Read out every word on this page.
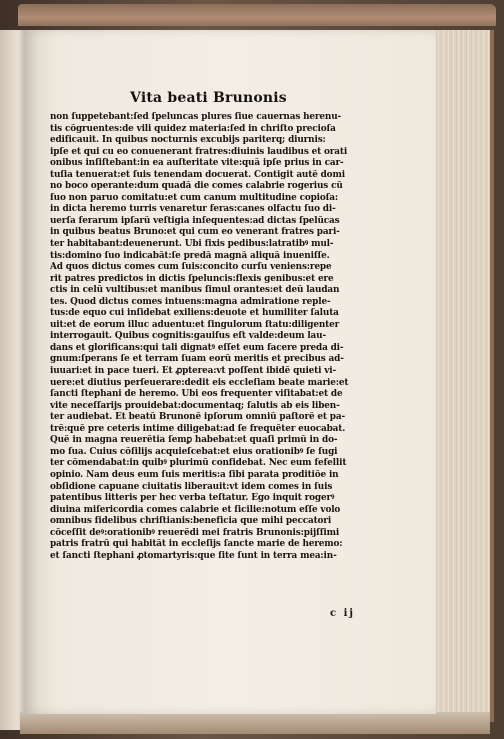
Vita beati Brunonis
non ſuppetebant:ſed ſpeluncas plures ſiue cauernas herenu-
tis cõgruentes:de vili quidez materia:ſed in chriſto precioſa
edificauit. In quibus nocturnis excubijs pariterq; diurnis:
ipſe et qui cu eo conuenerant fratres:diuinis laudibus et orati
onibus inſiſtebant:in ea auſteritate vite:quã ipſe prius in car-
tuſia tenuerat:et ſuis tenendam docuerat. Contigit autẽ domi
no boco operante:dum quadã die comes calabrie rogerius cũ
ſuo non paruo comitatu:et cum canum multitudine copioſa:
in dicta heremo turris venaretur feras:canes olfactu ſuo di-
uerſa ferarum ipſarũ veſtigia inſequentes:ad dictas ſpelũcas
in quibus beatus Bruno:et qui cum eo venerant fratres pari-
ter habitabant:deuenerunt. Ubi fixis pedibus:latratibꝰ mul-
tis:domino ſuo indicabãt:ſe predã magnã aliquã inueniſſe.
Ad quos dictus comes cum ſuis:concito curſu veniens:repe
rit patres predictos in dictis ſpeluncis:flexis genibus:et ere
ctis in celũ vultibus:et manibus ſimul orantes:et deũ laudan
tes. Quod dictus comes intuens:magna admiratione reple-
tus:de equo cui inſidebat exiliens:deuote et humiliter ſaluta
uit:et de eorum illuc aduentu:et ſingulorum ſtatu:diligenter
interrogauit. Quibus cognitis:gauiſus eſt valde:deum lau-
dans et glorificans:qui tali dignatꝰ eſſet eum facere preda di-
gnum:ſperans ſe et terram ſuam eorũ meritis et precibus ad-
iuuari:et in pace tueri. Et ꝓpterea:vt poſſent ibidẽ quieti vi-
uere:et diutius perſeuerare:dedit eis eccleſiam beate marie:et
ſancti ſtephani de heremo. Ubi eos frequenter viſitabat:et de
vite neceſſarijs prouidebat:documentaq; ſalutis ab eis liben-
ter audiebat. Et beatũ Brunonẽ ipſorum omniũ paſtorẽ et pa-
trẽ:quẽ pre ceteris intime diligebat:ad ſe frequẽter euocabat.
Quẽ in magna reuerẽtia ſemꝑ habebat:et quaſi primũ in do-
mo ſua. Cuius cõſilijs acquieſcebat:et eius orationibꝰ ſe ſugi
ter cõmendabat:in quibꝰ plurimũ confidebat. Nec eum fefellit
opinio. Nam deus eum ſuis meritis:a ſibi parata proditiõe in
obſidione capuane ciuitatis liberauit:vt idem comes in ſuis
patentibus litteris per hec verba teſtatur. Ego inquit rogerꝰ
diuina miſericordia comes calabrie et ſicilie:notum eſſe volo
omnibus fidelibus chriſtianis:beneficia que mihi peccatori
cõceſſit deꝰ:orationibꝰ reuerẽdi mei fratris Brunonis:pijſſimi
patris fratrũ qui habitãt in eccleſijs ſancte marie de heremo:
et ſancti ſtephani ꝓtomartyris:que ſite ſunt in terra mea:in-
c ij
